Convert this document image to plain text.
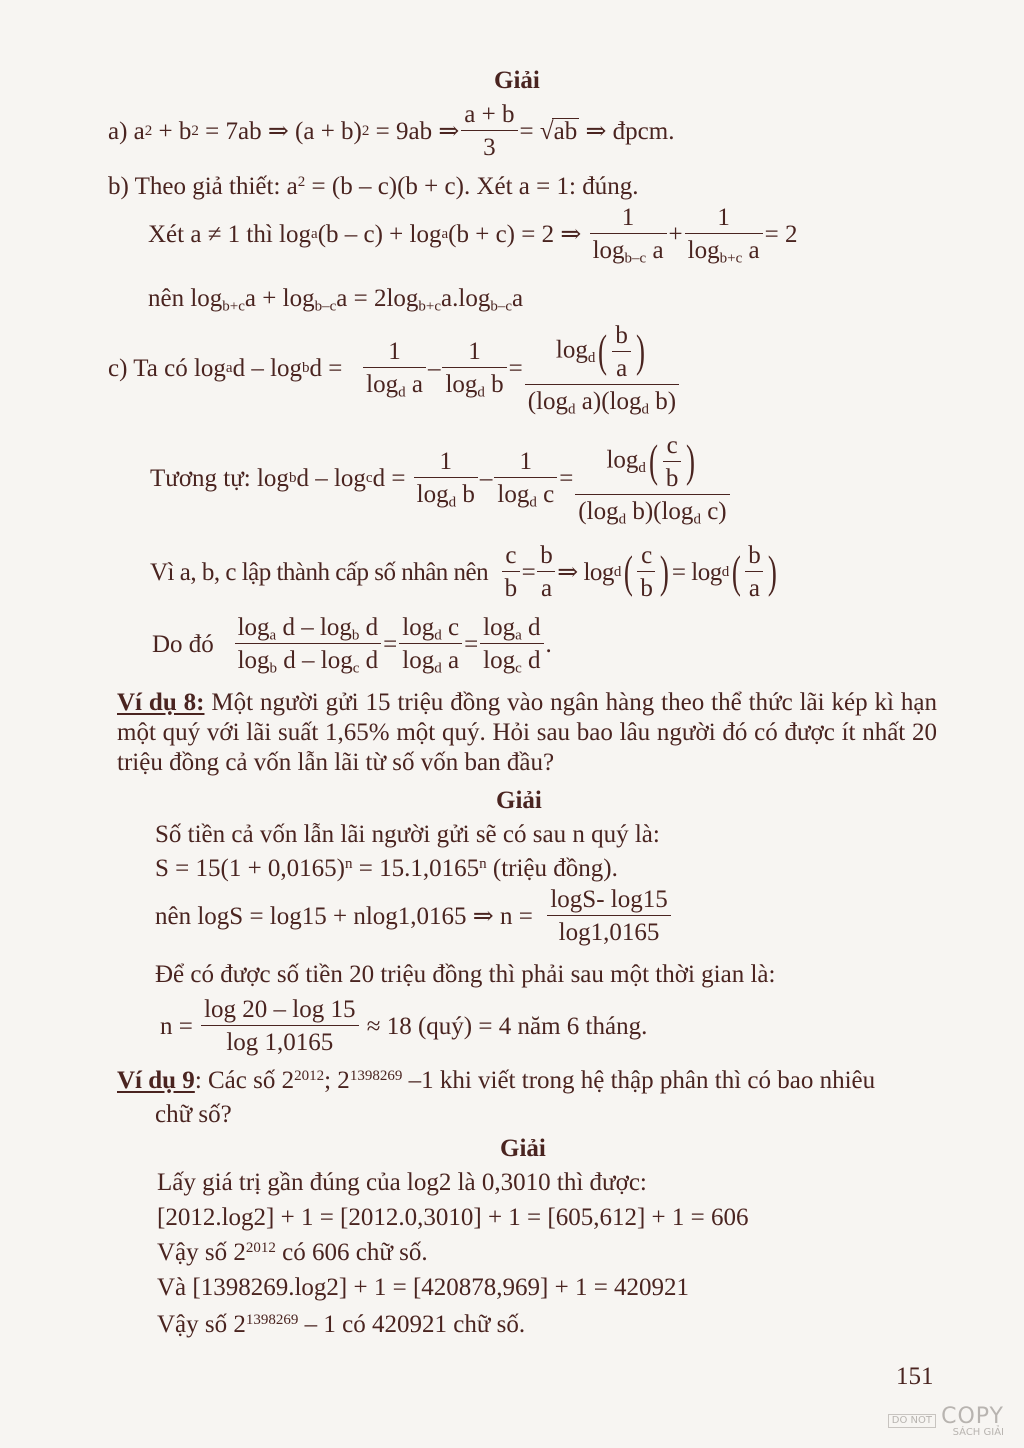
Giải
a) a 2 + b 2
= 7ab ⇒ (a + b) 2
= 9ab ⇒ $\frac{a + b}{3}$ = √ ab
⇒ đpcm.
b) Theo giả thiết: $a^2 = (b - c)(b + c)$. Xét a = 1: đúng.
Xét a ≠ 1 thì log a (b – c) + log a (b + c) = 2 ⇒
$\frac{1}{\log_{b-c} a} + \frac{1}{\log_{b+c} a} = 2$
nên $\log_{b+c}a + \log_{b-c}a = 2\log_{b+c}a.\log_{b-c}a$
c) Ta có log a d – log b $d = \frac{1}{\log_d a} - \frac{1}{\log_d b} = \frac{\log_d( \frac{b}{a} )}{(\log_d a)(\log_d b)}$
Tương tự: log b d – log c $d = \frac{1}{\log_d b} - \frac{1}{\log_d c} = \frac{\log_d( \frac{c}{b} )}{(\log_d b)(\log_d c)}$
Vì a, b, c lập thành cấp số nhân nên
$\frac{c}{b} = \frac{b}{a}$ ⇒ log d ( $\frac{c}{b}$ ) = log d ( $\frac{b}{a}$ )
Do đó
$\frac{\log_a d - \log_b d}{\log_b d - \log_c d} = \frac{\log_d c}{\log_d a} = \frac{\log_a d}{\log_c d}$ .
Ví dụ 8: Một người gửi 15 triệu đồng vào ngân hàng theo thể thức lãi kép kì hạn một quý với lãi suất 1,65% một quý. Hỏi sau bao lâu người đó có được ít nhất 20 triệu đồng cả vốn lẫn lãi từ số vốn ban đầu?
Giải
Số tiền cả vốn lẫn lãi người gửi sẽ có sau n quý là:
$S = 15(1 + 0,0165)^n = 15.1,0165^n$ (triệu đồng).
nên logS = log15 + nlog1,0165 ⇒ n =
$\frac{\log S- \log 15}{\log 1,0165}$
Để có được số tiền 20 triệu đồng thì phải sau một thời gian là:
n =
$\frac{\log 20 - \log 15}{\log 1,0165}$
≈ 18 (quý) = 4 năm 6 tháng.
Ví dụ 9: Các số $2^{2012}$; $2^{1398269}$ –1 khi viết trong hệ thập phân thì có bao nhiêu
chữ số?
Giải
Lấy giá trị gần đúng của log2 là 0,3010 thì được:
[2012.log2] + 1 = [2012.0,3010] + 1 = [605,612] + 1 = 606
Vậy số $2^{2012}$ có 606 chữ số.
Và [1398269.log2] + 1 = [420878,969] + 1 = 420921
Vậy số $2^{1398269} - 1$ có 420921 chữ số.
151
DO NOT COPY
SÁCH GIẢI
